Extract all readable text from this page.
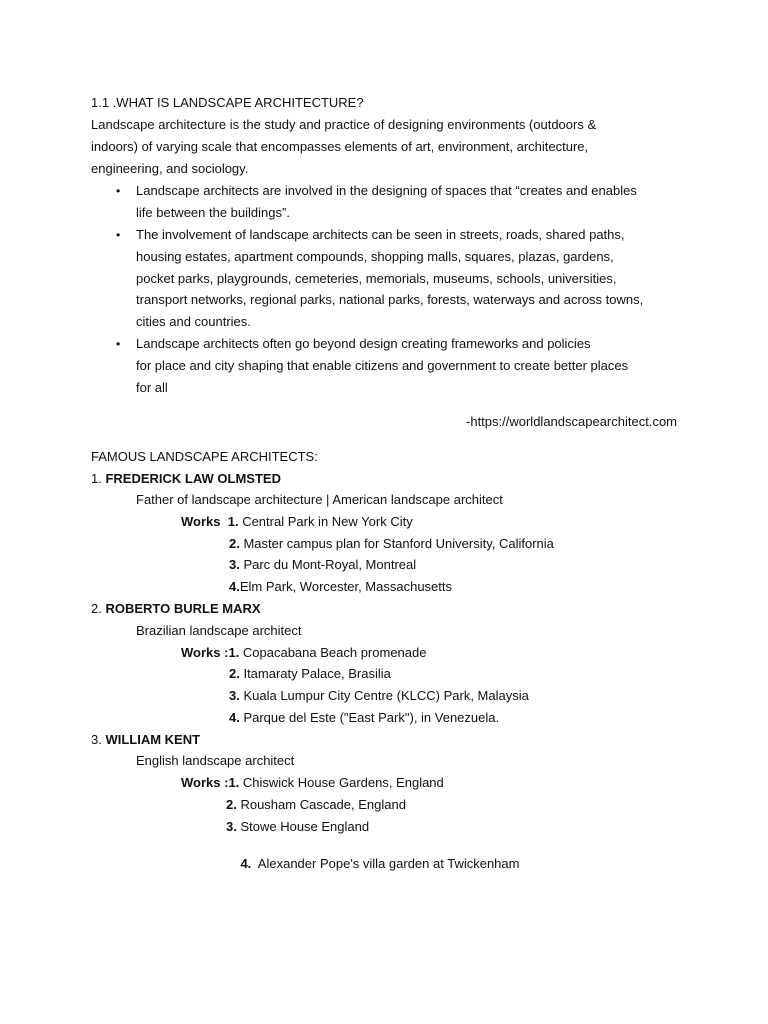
1.1 .WHAT IS LANDSCAPE ARCHITECTURE?
Landscape architecture is the study and practice of designing environments (outdoors &
indoors) of varying scale that encompasses elements of art, environment, architecture,
engineering, and sociology.
• Landscape architects are involved in the designing of spaces that “creates and enables
life between the buildings”.
• The involvement of landscape architects can be seen in streets, roads, shared paths,
housing estates, apartment compounds, shopping malls, squares, plazas, gardens,
pocket parks, playgrounds, cemeteries, memorials, museums, schools, universities,
transport networks, regional parks, national parks, forests, waterways and across towns,
cities and countries.
• Landscape architects often go beyond design creating frameworks and policies
for place and city shaping that enable citizens and government to create better places
for all
-https://worldlandscapearchitect.com
FAMOUS LANDSCAPE ARCHITECTS:
1. FREDERICK LAW OLMSTED
Father of landscape architecture | American landscape architect
Works 1. Central Park in New York City
2. Master campus plan for Stanford University, California
3. Parc du Mont-Royal, Montreal
4.Elm Park, Worcester, Massachusetts
2. ROBERTO BURLE MARX
Brazilian landscape architect
Works :1. Copacabana Beach promenade
2. Itamaraty Palace, Brasilia
3. Kuala Lumpur City Centre (KLCC) Park, Malaysia
4. Parque del Este ("East Park"), in Venezuela.
3. WILLIAM KENT
English landscape architect
Works :1. Chiswick House Gardens, England
2. Rousham Cascade, England
3. Stowe House England

4.  Alexander Pope's villa garden at Twickenham
